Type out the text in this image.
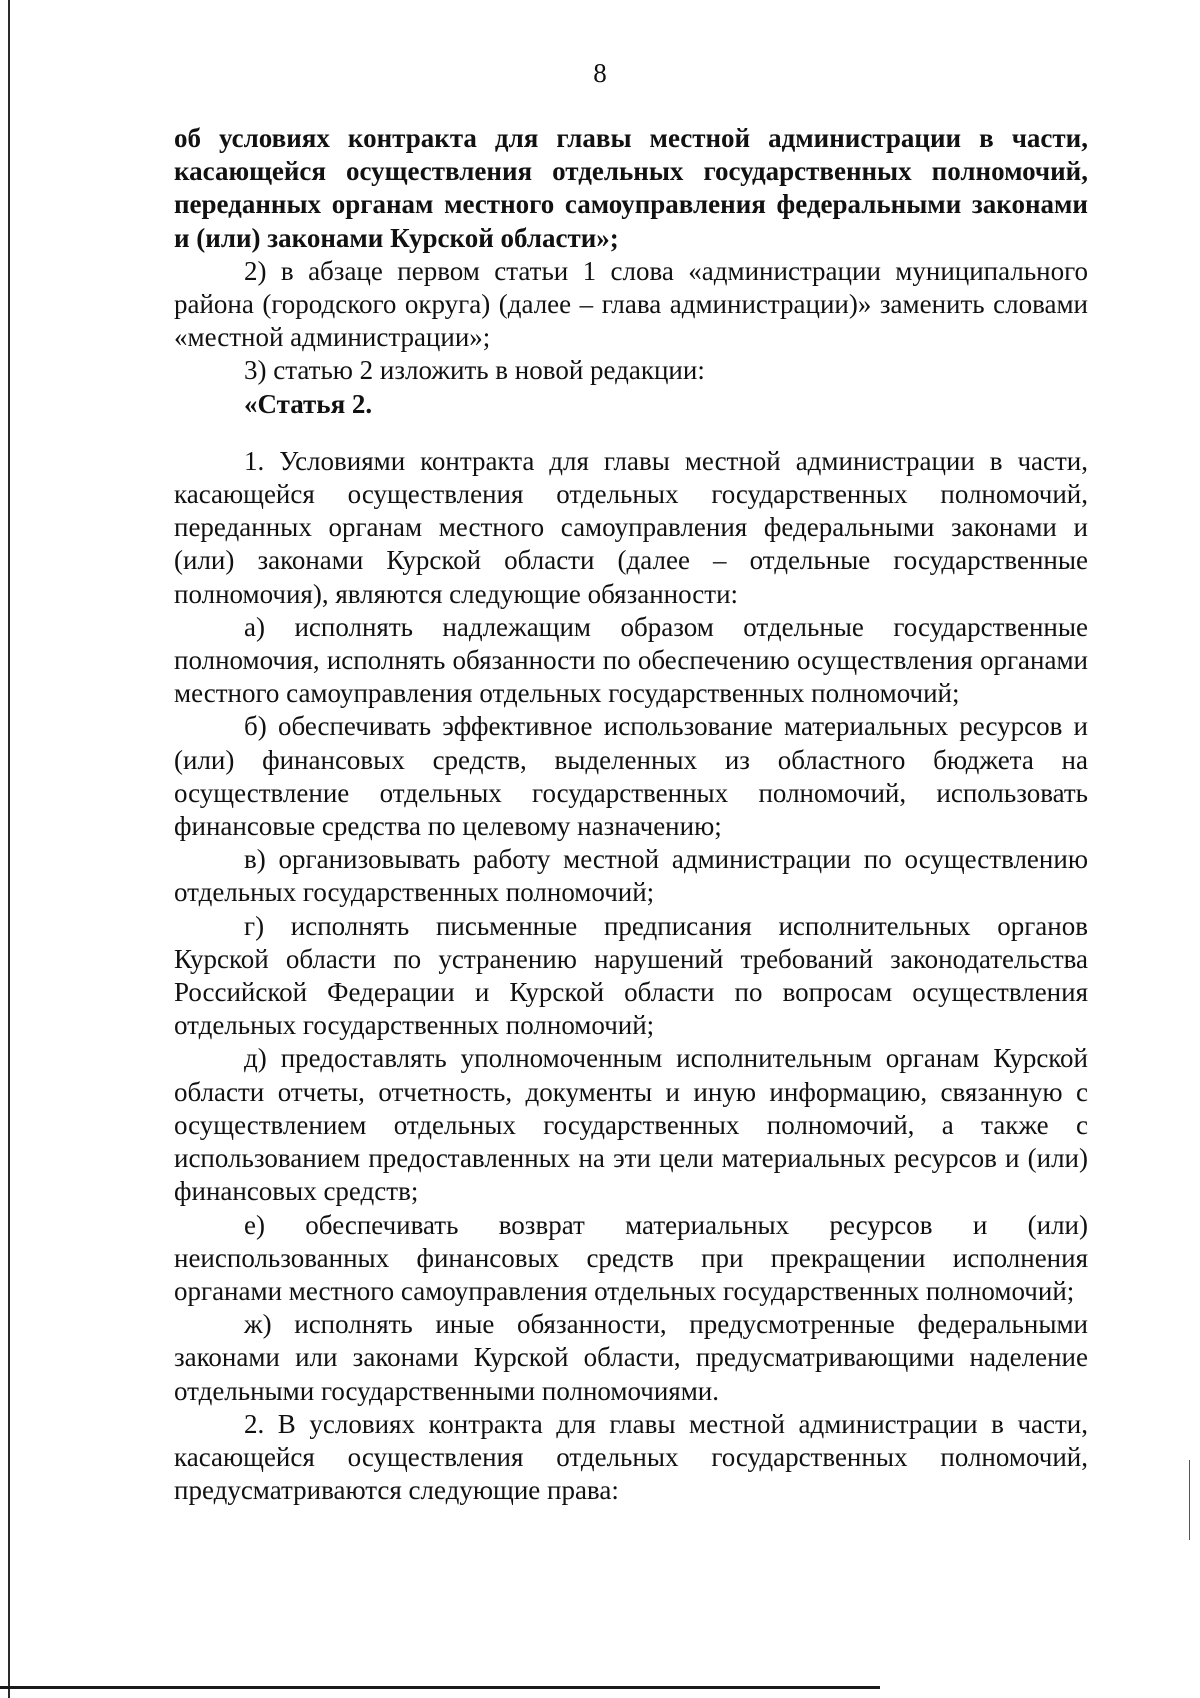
8

об условиях контракта для главы местной администрации в части, касающейся осуществления отдельных государственных полномочий, переданных органам местного самоуправления федеральными законами и (или) законами Курской области»;

2) в абзаце первом статьи 1 слова «администрации муниципального района (городского округа) (далее – глава администрации)» заменить словами «местной администрации»;

3) статью 2 изложить в новой редакции:

«Статья 2.

1. Условиями контракта для главы местной администрации в части, касающейся осуществления отдельных государственных полномочий, переданных органам местного самоуправления федеральными законами и (или) законами Курской области (далее – отдельные государственные полномочия), являются следующие обязанности:

а) исполнять надлежащим образом отдельные государственные полномочия, исполнять обязанности по обеспечению осуществления органами местного самоуправления отдельных государственных полномочий;

б) обеспечивать эффективное использование материальных ресурсов и (или) финансовых средств, выделенных из областного бюджета на осуществление отдельных государственных полномочий, использовать финансовые средства по целевому назначению;

в) организовывать работу местной администрации по осуществлению отдельных государственных полномочий;

г) исполнять письменные предписания исполнительных органов Курской области по устранению нарушений требований законодательства Российской Федерации и Курской области по вопросам осуществления отдельных государственных полномочий;

д) предоставлять уполномоченным исполнительным органам Курской области отчеты, отчетность, документы и иную информацию, связанную с осуществлением отдельных государственных полномочий, а также с использованием предоставленных на эти цели материальных ресурсов и (или) финансовых средств;

е) обеспечивать возврат материальных ресурсов и (или) неиспользованных финансовых средств при прекращении исполнения органами местного самоуправления отдельных государственных полномочий;

ж) исполнять иные обязанности, предусмотренные федеральными законами или законами Курской области, предусматривающими наделение отдельными государственными полномочиями.

2. В условиях контракта для главы местной администрации в части, касающейся осуществления отдельных государственных полномочий, предусматриваются следующие права:
